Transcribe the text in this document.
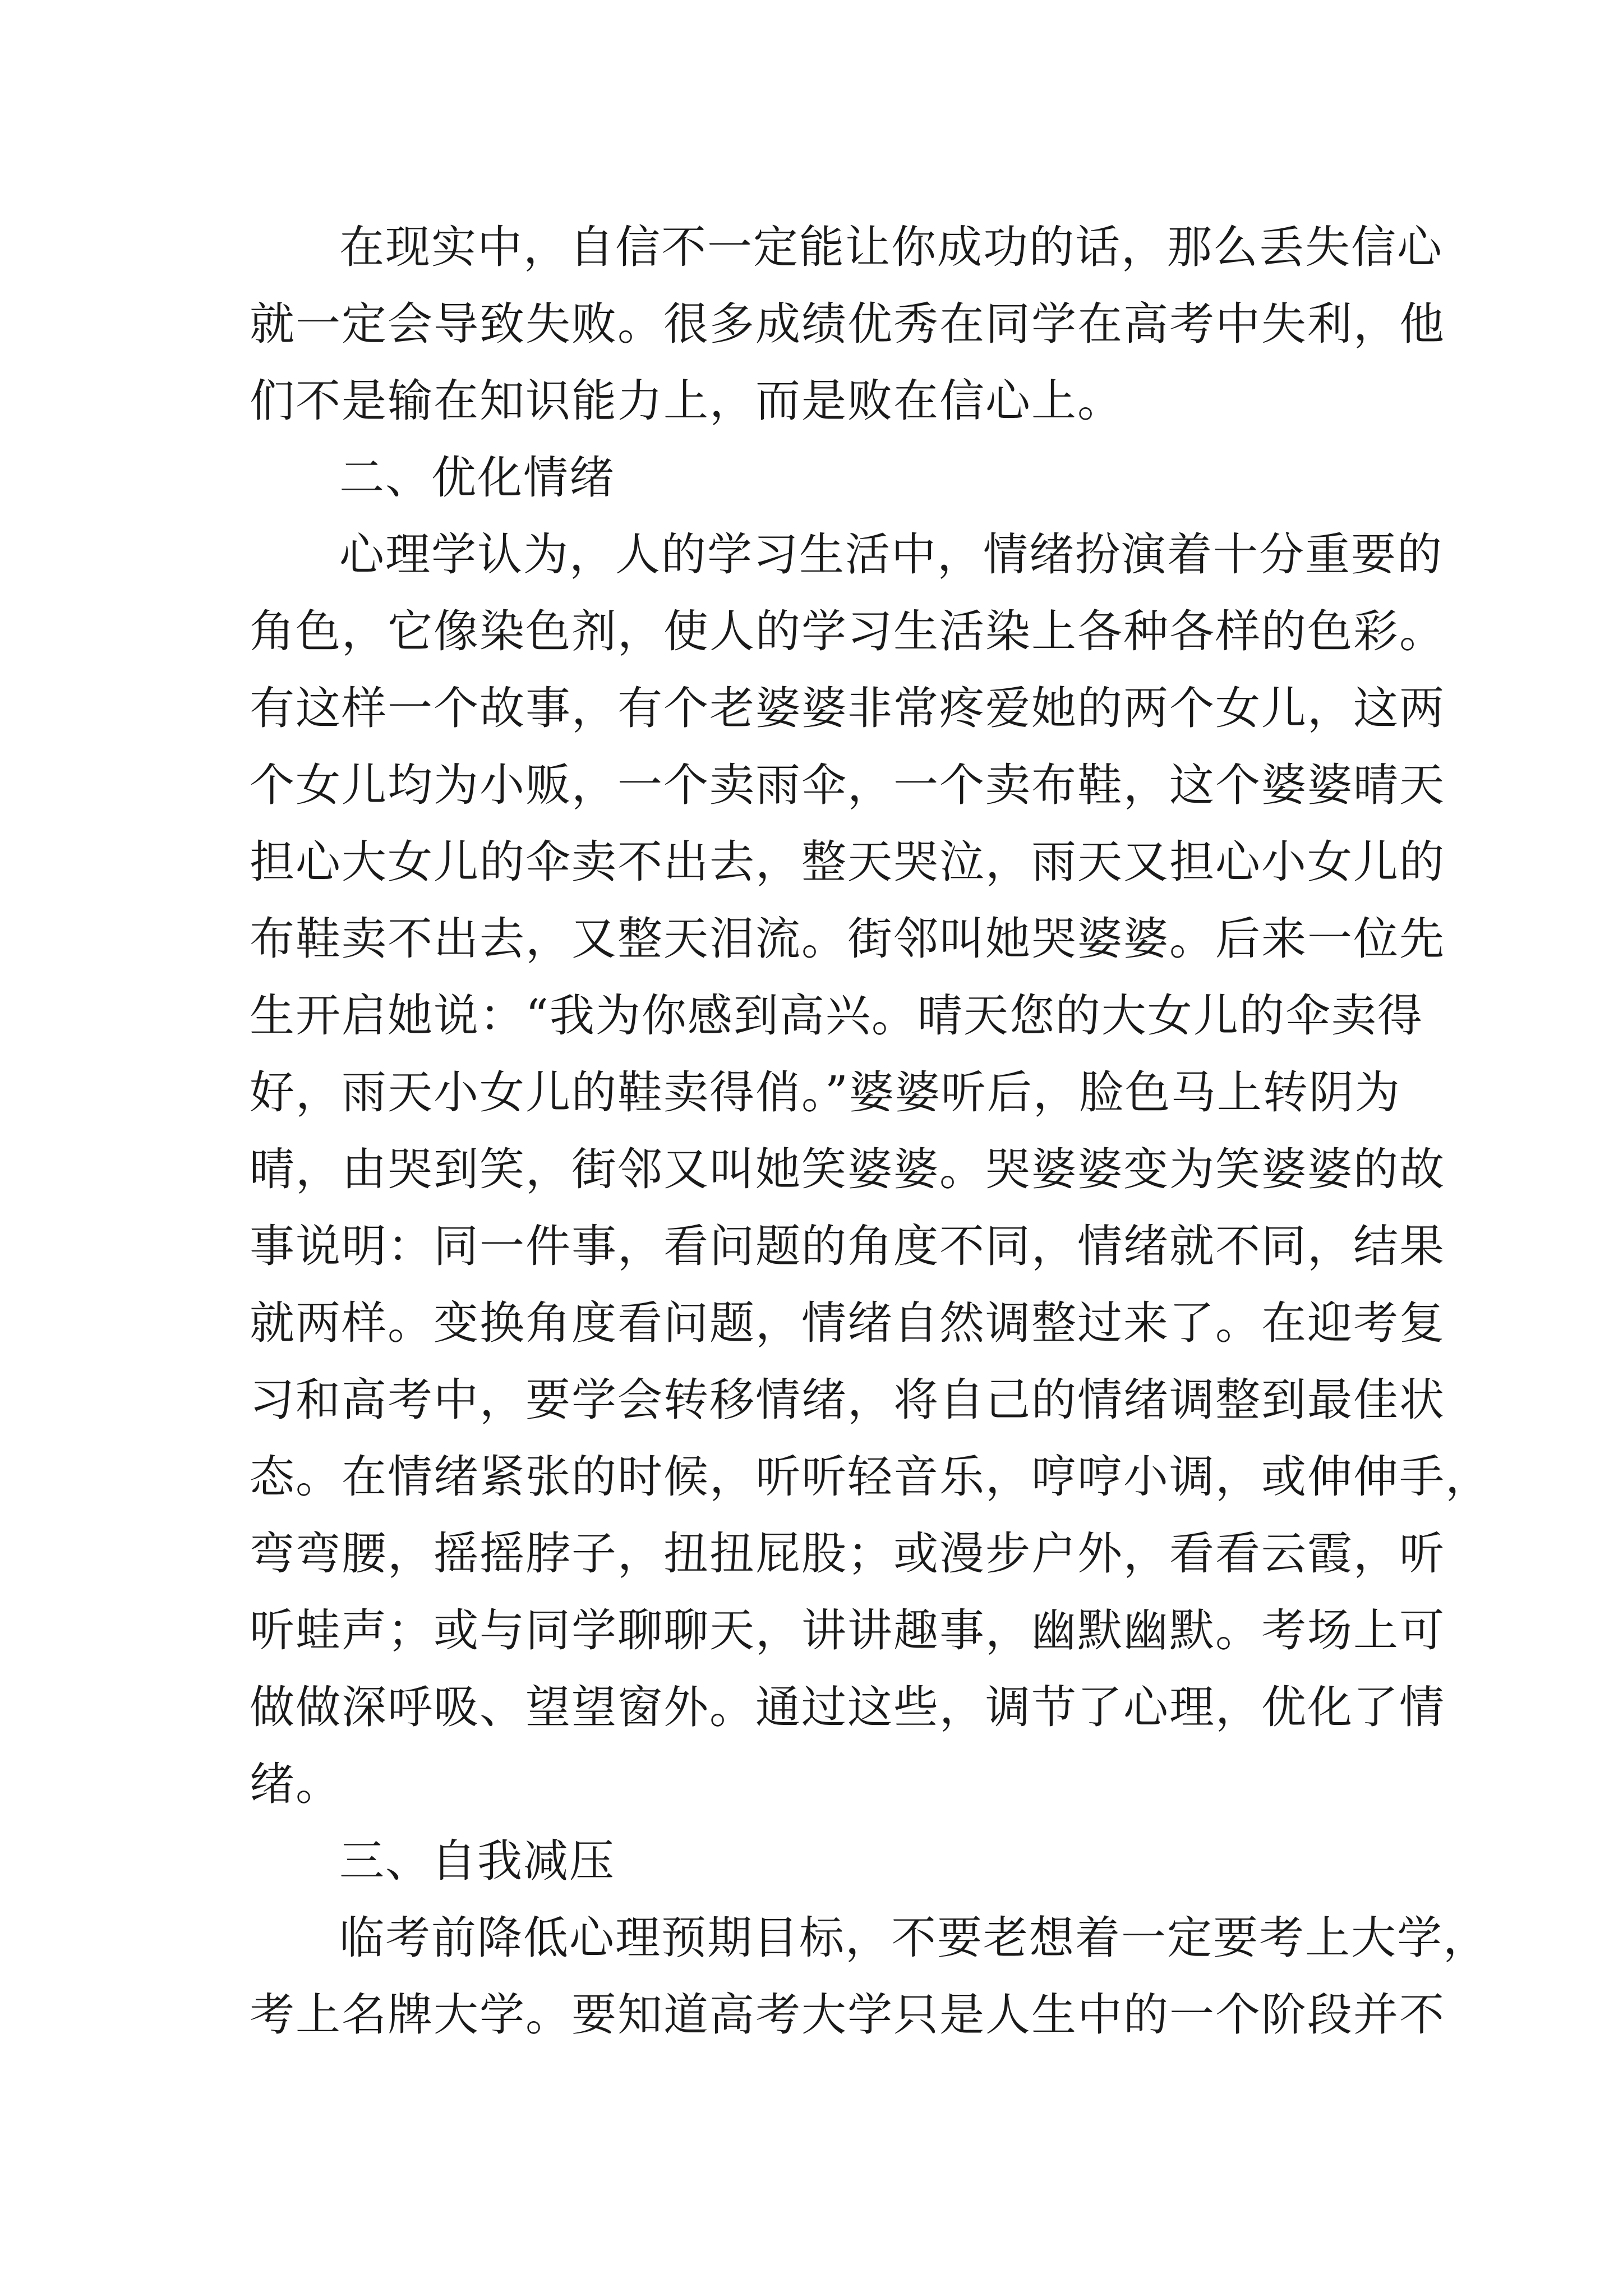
在现实中，自信不一定能让你成功的话，那么丢失信心
就一定会导致失败。很多成绩优秀在同学在高考中失利，他
们不是输在知识能力上，而是败在信心上。
二、优化情绪
心理学认为，人的学习生活中，情绪扮演着十分重要的
角色，它像染色剂，使人的学习生活染上各种各样的色彩。
有这样一个故事，有个老婆婆非常疼爱她的两个女儿，这两
个女儿均为小贩，一个卖雨伞，一个卖布鞋，这个婆婆晴天
担心大女儿的伞卖不出去，整天哭泣，雨天又担心小女儿的
布鞋卖不出去，又整天泪流。街邻叫她哭婆婆。后来一位先
生开启她说：“我为你感到高兴。晴天您的大女儿的伞卖得
好，雨天小女儿的鞋卖得俏。”婆婆听后，脸色马上转阴为
晴，由哭到笑，街邻又叫她笑婆婆。哭婆婆变为笑婆婆的故
事说明：同一件事，看问题的角度不同，情绪就不同，结果
就两样。变换角度看问题，情绪自然调整过来了。在迎考复
习和高考中，要学会转移情绪，将自己的情绪调整到最佳状
态。在情绪紧张的时候，听听轻音乐，哼哼小调，或伸伸手，
弯弯腰，摇摇脖子，扭扭屁股；或漫步户外，看看云霞，听
听蛙声；或与同学聊聊天，讲讲趣事，幽默幽默。考场上可
做做深呼吸、望望窗外。通过这些，调节了心理，优化了情
绪。
三、自我减压
临考前降低心理预期目标，不要老想着一定要考上大学，
考上名牌大学。要知道高考大学只是人生中的一个阶段并不
